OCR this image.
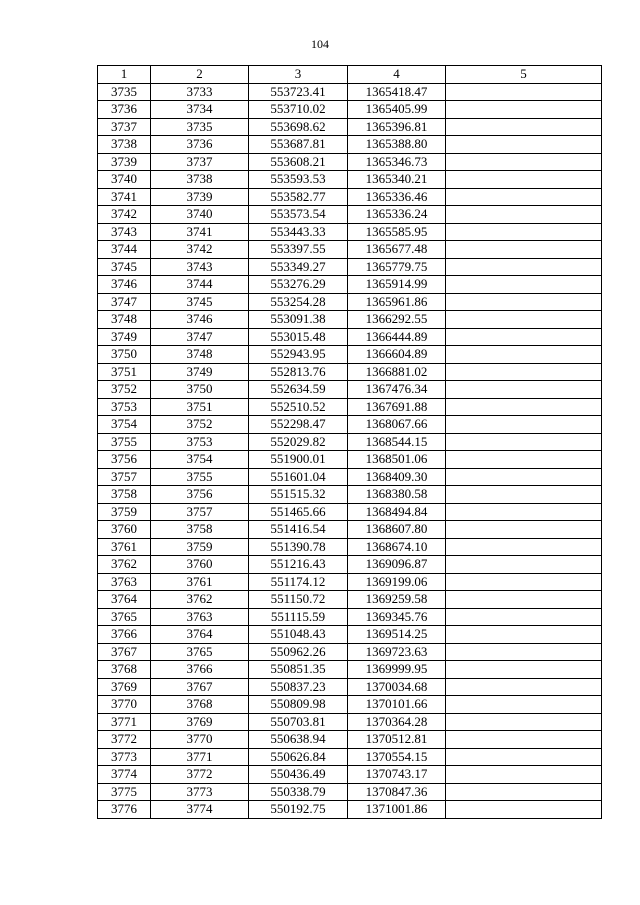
104
1	2	3	4	5
3735	3733	553723.41	1365418.47	
3736	3734	553710.02	1365405.99	
3737	3735	553698.62	1365396.81	
3738	3736	553687.81	1365388.80	
3739	3737	553608.21	1365346.73	
3740	3738	553593.53	1365340.21	
3741	3739	553582.77	1365336.46	
3742	3740	553573.54	1365336.24	
3743	3741	553443.33	1365585.95	
3744	3742	553397.55	1365677.48	
3745	3743	553349.27	1365779.75	
3746	3744	553276.29	1365914.99	
3747	3745	553254.28	1365961.86	
3748	3746	553091.38	1366292.55	
3749	3747	553015.48	1366444.89	
3750	3748	552943.95	1366604.89	
3751	3749	552813.76	1366881.02	
3752	3750	552634.59	1367476.34	
3753	3751	552510.52	1367691.88	
3754	3752	552298.47	1368067.66	
3755	3753	552029.82	1368544.15	
3756	3754	551900.01	1368501.06	
3757	3755	551601.04	1368409.30	
3758	3756	551515.32	1368380.58	
3759	3757	551465.66	1368494.84	
3760	3758	551416.54	1368607.80	
3761	3759	551390.78	1368674.10	
3762	3760	551216.43	1369096.87	
3763	3761	551174.12	1369199.06	
3764	3762	551150.72	1369259.58	
3765	3763	551115.59	1369345.76	
3766	3764	551048.43	1369514.25	
3767	3765	550962.26	1369723.63	
3768	3766	550851.35	1369999.95	
3769	3767	550837.23	1370034.68	
3770	3768	550809.98	1370101.66	
3771	3769	550703.81	1370364.28	
3772	3770	550638.94	1370512.81	
3773	3771	550626.84	1370554.15	
3774	3772	550436.49	1370743.17	
3775	3773	550338.79	1370847.36	
3776	3774	550192.75	1371001.86	
